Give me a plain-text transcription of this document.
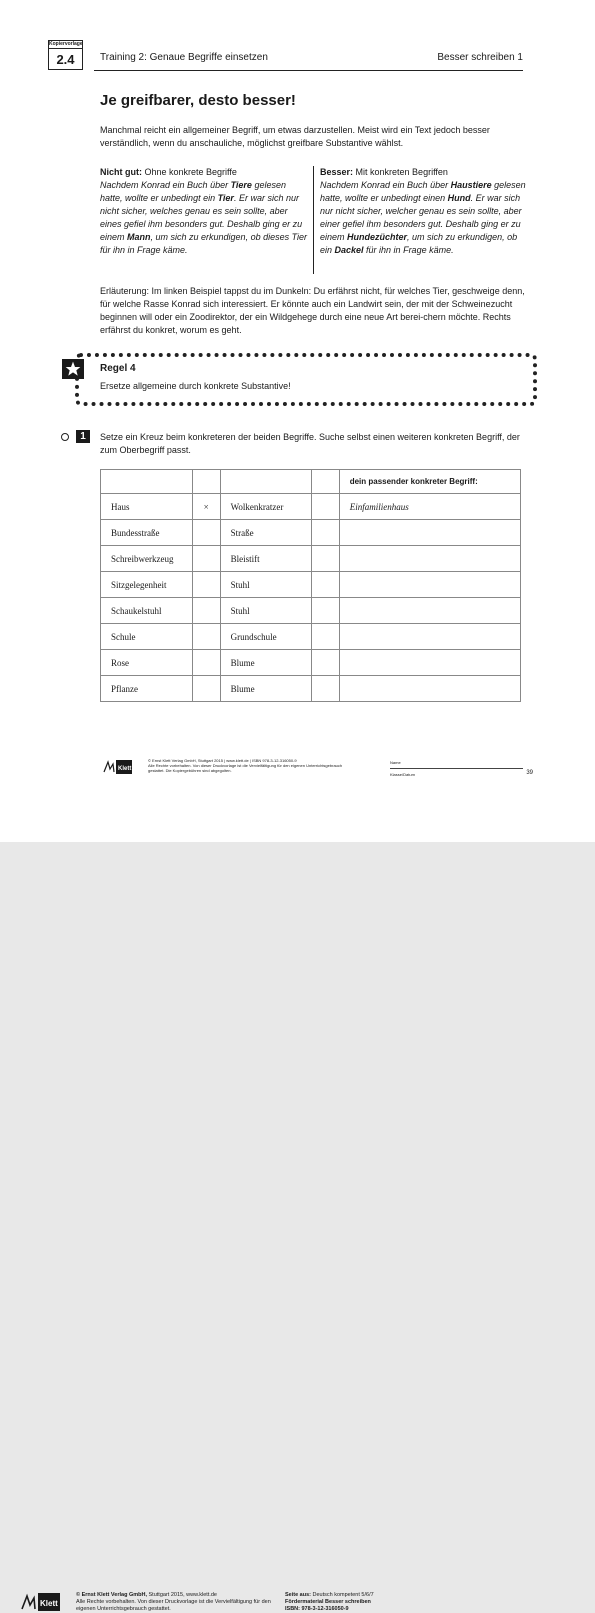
Kopiervorlage
2.4	Training 2: Genaue Begriffe einsetzen	Besser schreiben 1
Je greifbarer, desto besser!

Manchmal reicht ein allgemeiner Begriff, um etwas darzustellen. Meist wird ein Text jedoch besser verständlich, wenn du anschauliche, möglichst greifbare Substantive wählst.

Nicht gut: Ohne konkrete Begriffe
Nachdem Konrad ein Buch über Tiere gelesen hatte, wollte er unbedingt ein Tier. Er war sich nur nicht sicher, welches genau es sein sollte, aber eines gefiel ihm besonders gut. Deshalb ging er zu einem Mann, um sich zu erkundigen, ob dieses Tier für ihn in Frage käme.
Besser: Mit konkreten Begriffen
Nachdem Konrad ein Buch über Haustiere gelesen hatte, wollte er unbedingt einen Hund. Er war sich nur nicht sicher, welcher genau es sein sollte, aber einer gefiel ihm besonders gut. Deshalb ging er zu einem Hundezüchter, um sich zu erkundigen, ob ein Dackel für ihn in Frage käme.

Erläuterung: Im linken Beispiel tappst du im Dunkeln: Du erfährst nicht, für welches Tier, geschweige denn, für welche Rasse Konrad sich interessiert. Er könnte auch ein Landwirt sein, der mit der Schweinezucht beginnen will oder ein Zoodirektor, der ein Wildgehege durch eine neue Art berei-chern möchte. Rechts erfährst du konkret, worum es geht.

Regel 4
Ersetze allgemeine durch konkrete Substantive!
1	Setze ein Kreuz beim konkreteren der beiden Begriffe. Suche selbst einen weiteren konkreten Begriff, der zum Oberbegriff passt.

				dein passender konkreter Begriff:
Haus	×	Wolkenkratzer		Einfamilienhaus
Bundesstraße		Straße		
Schreibwerkzeug		Bleistift		
Sitzgelegenheit		Stuhl		
Schaukelstuhl		Stuhl		
Schule		Grundschule		
Rose		Blume		
Pflanze		Blume		
Klett
© Ernst Klett Verlag GmbH, Stuttgart 2015 | www.klett.de | ISBN 978-3-12-316050-9
Alle Rechte vorbehalten. Von dieser Druckvorlage ist die Vervielfältigung für den eigenen Unterrichtsgebrauch gestattet. Die Kopiergebühren sind abgegolten.
Name
Klasse/Datum	39
Klett
© Ernst Klett Verlag GmbH, Stuttgart 2015, www.klett.de
Alle Rechte vorbehalten. Von dieser Druckvorlage ist die Vervielfältigung für den eigenen Unterrichtsgebrauch gestattet.
Seite aus: Deutsch kompetent 5/6/7
Fördermaterial Besser schreiben
ISBN: 978-3-12-316050-9
